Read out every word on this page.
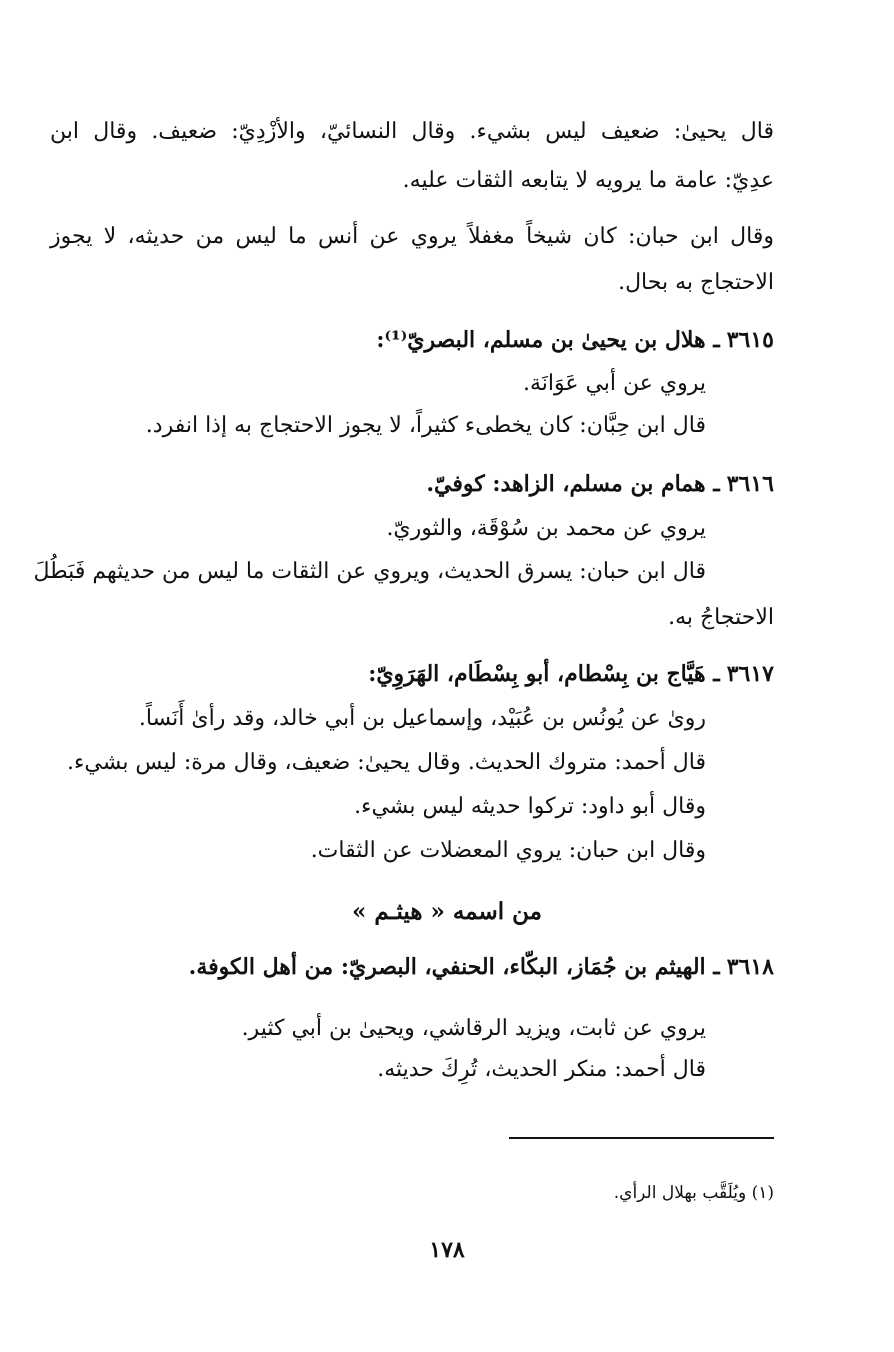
قال يحيىٰ: ضعيف ليس بشيء. وقال النسائيّ، والأزْدِيّ: ضعيف. وقال ابن
عدِيّ: عامة ما يرويه لا يتابعه الثقات عليه.
وقال ابن حبان: كان شيخاً مغفلاً يروي عن أنس ما ليس من حديثه، لا يجوز
الاحتجاج به بحال.
٣٦١٥ ـ هلال بن يحيىٰ بن مسلم، البصريّ⁽¹⁾:
يروي عن أبي عَوَانَة.
قال ابن حِبَّان: كان يخطىء كثيراً، لا يجوز الاحتجاج به إذا انفرد.
٣٦١٦ ـ همام بن مسلم، الزاهد: كوفيّ.
يروي عن محمد بن سُوْقَة، والثوريّ.
قال ابن حبان: يسرق الحديث، ويروي عن الثقات ما ليس من حديثهم فَبَطُلَ
الاحتجاجُ به.
٣٦١٧ ـ هَيَّاج بن بِسْطام، أبو بِسْطَام، الهَرَوِيّ:
روىٰ عن يُونُس بن عُبَيْد، وإسماعيل بن أبي خالد، وقد رأىٰ أَنَساً.
قال أحمد: متروك الحديث. وقال يحيىٰ: ضعيف، وقال مرة: ليس بشيء.
وقال أبو داود: تركوا حديثه ليس بشيء.
وقال ابن حبان: يروي المعضلات عن الثقات.
من اسمه « هيثـم »
٣٦١٨ ـ الهيثم بن جُمَاز، البكّاء، الحنفي، البصريّ: من أهل الكوفة.
يروي عن ثابت، ويزيد الرقاشي، ويحيىٰ بن أبي كثير.
قال أحمد: منكر الحديث، تُرِكَ حديثه.
(١) ويُلَقَّب بهلال الرأي.
١٧٨
